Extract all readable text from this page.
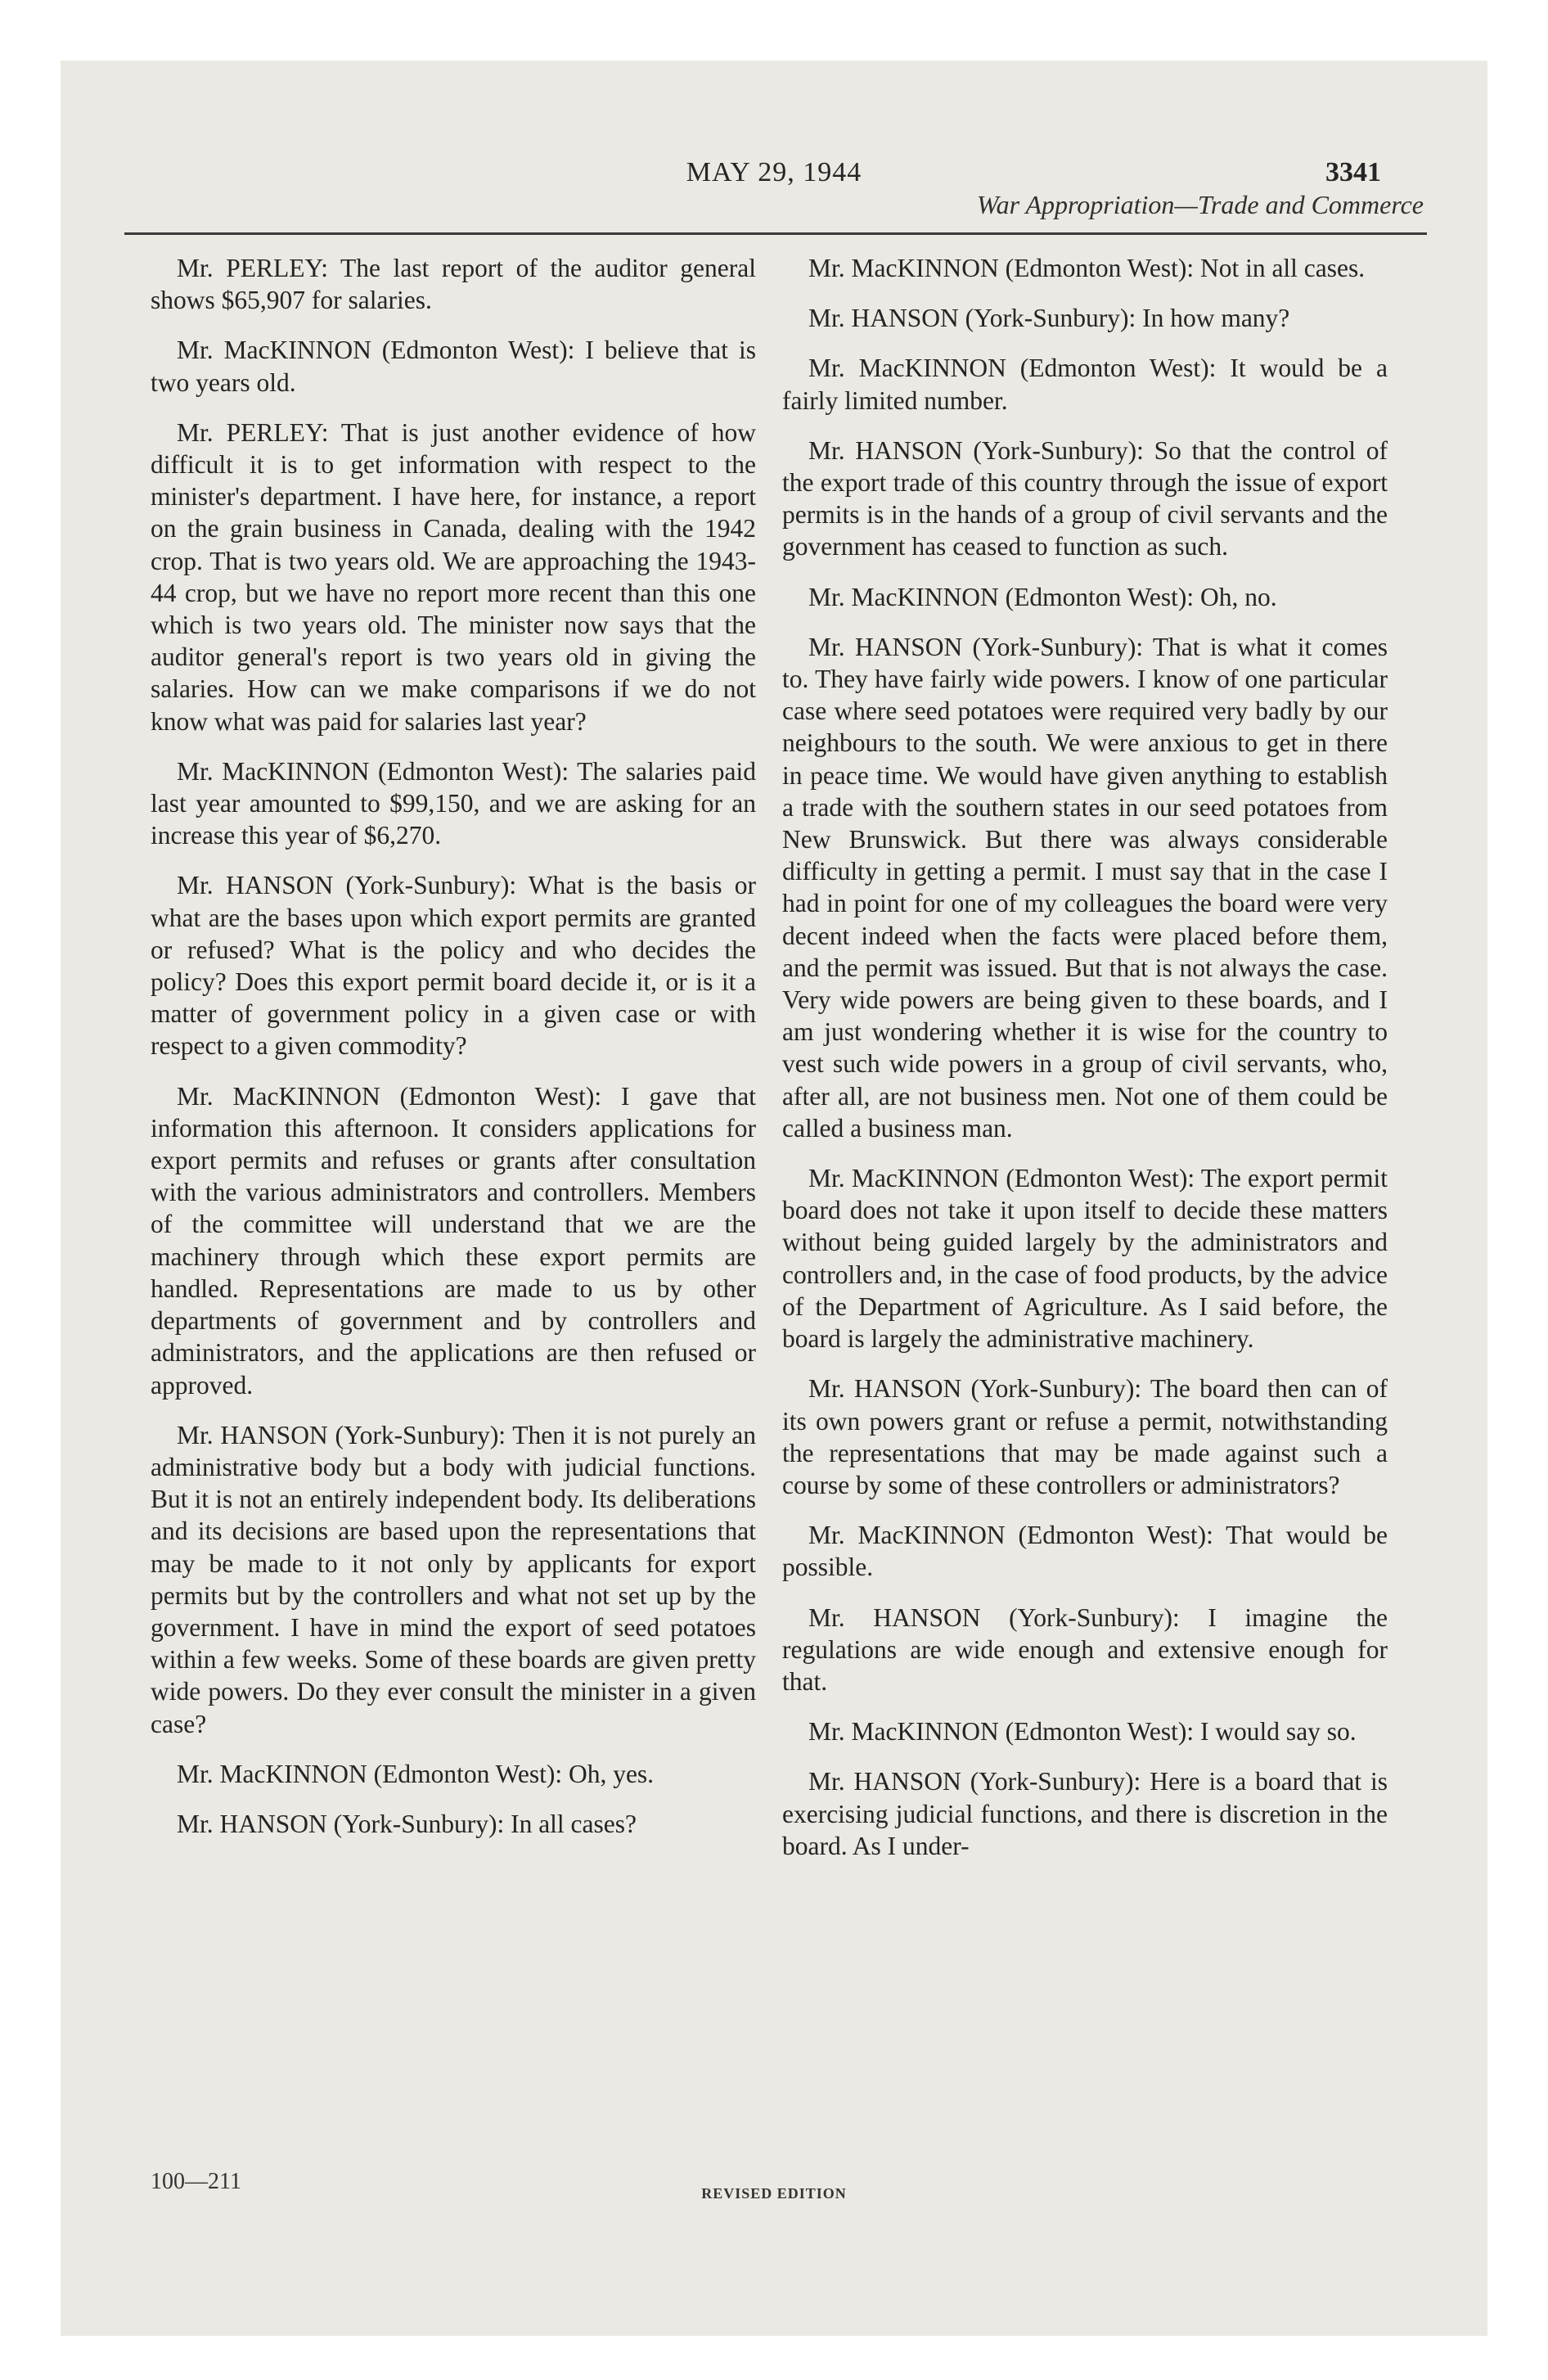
MAY 29, 1944	3341
War Appropriation—Trade and Commerce

Mr. PERLEY: The last report of the auditor general shows $65,907 for salaries.

Mr. MacKINNON (Edmonton West): I believe that is two years old.

Mr. PERLEY: That is just another evidence of how difficult it is to get information with respect to the minister's department. I have here, for instance, a report on the grain business in Canada, dealing with the 1942 crop. That is two years old. We are approaching the 1943-44 crop, but we have no report more recent than this one which is two years old. The minister now says that the auditor general's report is two years old in giving the salaries. How can we make comparisons if we do not know what was paid for salaries last year?

Mr. MacKINNON (Edmonton West): The salaries paid last year amounted to $99,150, and we are asking for an increase this year of $6,270.

Mr. HANSON (York-Sunbury): What is the basis or what are the bases upon which export permits are granted or refused? What is the policy and who decides the policy? Does this export permit board decide it, or is it a matter of government policy in a given case or with respect to a given commodity?

Mr. MacKINNON (Edmonton West): I gave that information this afternoon. It considers applications for export permits and refuses or grants after consultation with the various administrators and controllers. Members of the committee will understand that we are the machinery through which these export permits are handled. Representations are made to us by other departments of government and by controllers and administrators, and the applications are then refused or approved.

Mr. HANSON (York-Sunbury): Then it is not purely an administrative body but a body with judicial functions. But it is not an entirely independent body. Its deliberations and its decisions are based upon the representations that may be made to it not only by applicants for export permits but by the controllers and what not set up by the government. I have in mind the export of seed potatoes within a few weeks. Some of these boards are given pretty wide powers. Do they ever consult the minister in a given case?

Mr. MacKINNON (Edmonton West): Oh, yes.

Mr. HANSON (York-Sunbury): In all cases?

Mr. MacKINNON (Edmonton West): Not in all cases.

Mr. HANSON (York-Sunbury): In how many?

Mr. MacKINNON (Edmonton West): It would be a fairly limited number.

Mr. HANSON (York-Sunbury): So that the control of the export trade of this country through the issue of export permits is in the hands of a group of civil servants and the government has ceased to function as such.

Mr. MacKINNON (Edmonton West): Oh, no.

Mr. HANSON (York-Sunbury): That is what it comes to. They have fairly wide powers. I know of one particular case where seed potatoes were required very badly by our neighbours to the south. We were anxious to get in there in peace time. We would have given anything to establish a trade with the southern states in our seed potatoes from New Brunswick. But there was always considerable difficulty in getting a permit. I must say that in the case I had in point for one of my colleagues the board were very decent indeed when the facts were placed before them, and the permit was issued. But that is not always the case. Very wide powers are being given to these boards, and I am just wondering whether it is wise for the country to vest such wide powers in a group of civil servants, who, after all, are not business men. Not one of them could be called a business man.

Mr. MacKINNON (Edmonton West): The export permit board does not take it upon itself to decide these matters without being guided largely by the administrators and controllers and, in the case of food products, by the advice of the Department of Agriculture. As I said before, the board is largely the administrative machinery.

Mr. HANSON (York-Sunbury): The board then can of its own powers grant or refuse a permit, notwithstanding the representations that may be made against such a course by some of these controllers or administrators?

Mr. MacKINNON (Edmonton West): That would be possible.

Mr. HANSON (York-Sunbury): I imagine the regulations are wide enough and extensive enough for that.

Mr. MacKINNON (Edmonton West): I would say so.

Mr. HANSON (York-Sunbury): Here is a board that is exercising judicial functions, and there is discretion in the board. As I under-

100—211	REVISED EDITION
